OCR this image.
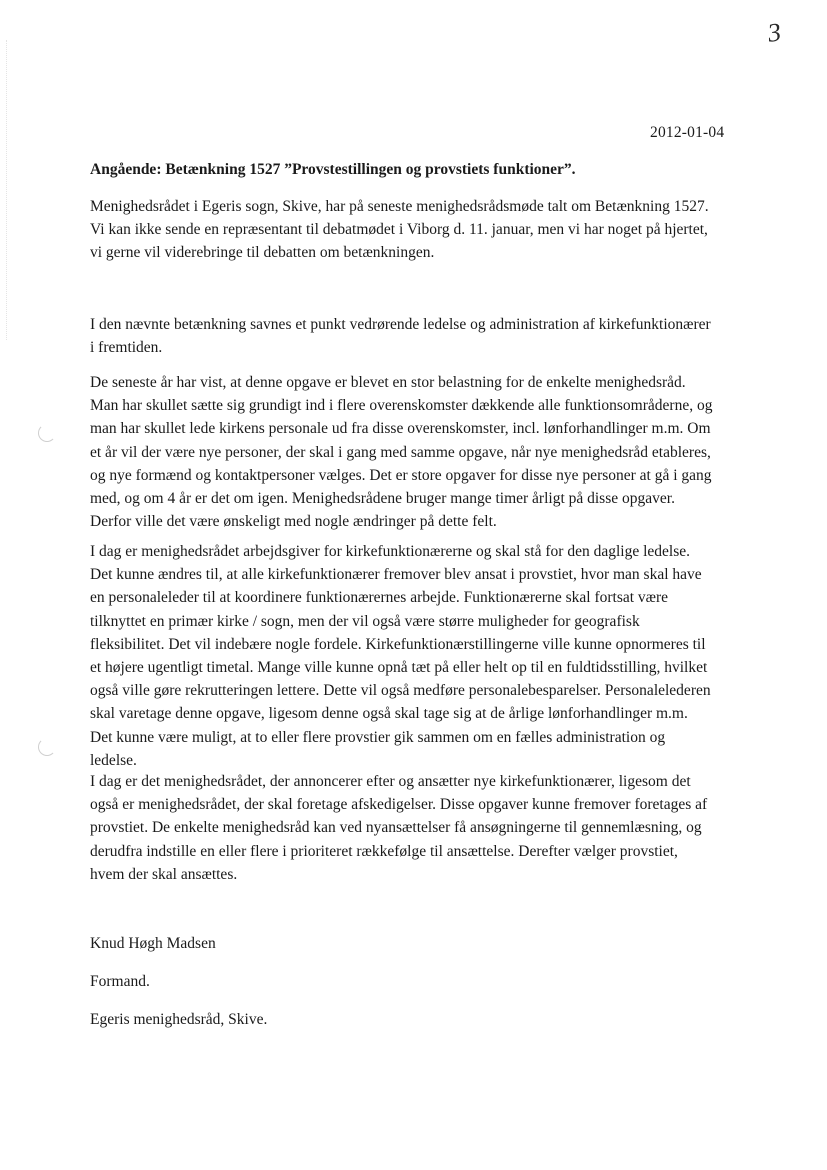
3
2012-01-04
Angående: Betænkning 1527 ”Provstestillingen og provstiets funktioner”.

Menighedsrådet i Egeris sogn, Skive, har på seneste menighedsrådsmøde talt om Betænkning 1527.
Vi kan ikke sende en repræsentant til debatmødet i Viborg d. 11. januar, men vi har noget på hjertet,
vi gerne vil viderebringe til debatten om betænkningen.

I den nævnte betænkning savnes et punkt vedrørende ledelse og administration af kirkefunktionærer
i fremtiden.

De seneste år har vist, at denne opgave er blevet en stor belastning for de enkelte menighedsråd.
Man har skullet sætte sig grundigt ind i flere overenskomster dækkende alle funktionsområderne, og
man har skullet lede kirkens personale ud fra disse overenskomster, incl. lønforhandlinger m.m. Om
et år vil der være nye personer, der skal i gang med samme opgave, når nye menighedsråd etableres,
og nye formænd og kontaktpersoner vælges. Det er store opgaver for disse nye personer at gå i gang
med, og om 4 år er det om igen. Menighedsrådene bruger mange timer årligt på disse opgaver.
Derfor ville det være ønskeligt med nogle ændringer på dette felt.

I dag er menighedsrådet arbejdsgiver for kirkefunktionærerne og skal stå for den daglige ledelse.
Det kunne ændres til, at alle kirkefunktionærer fremover blev ansat i provstiet, hvor man skal have
en personaleleder til at koordinere funktionærernes arbejde. Funktionærerne skal fortsat være
tilknyttet en primær kirke / sogn, men der vil også være større muligheder for geografisk
fleksibilitet. Det vil indebære nogle fordele. Kirkefunktionærstillingerne ville kunne opnormeres til
et højere ugentligt timetal. Mange ville kunne opnå tæt på eller helt op til en fuldtidsstilling, hvilket
også ville gøre rekrutteringen lettere. Dette vil også medføre personalebesparelser. Personalelederen
skal varetage denne opgave, ligesom denne også skal tage sig at de årlige lønforhandlinger m.m.
Det kunne være muligt, at to eller flere provstier gik sammen om en fælles administration og
ledelse.

I dag er det menighedsrådet, der annoncerer efter og ansætter nye kirkefunktionærer, ligesom det
også er menighedsrådet, der skal foretage afskedigelser. Disse opgaver kunne fremover foretages af
provstiet. De enkelte menighedsråd kan ved nyansættelser få ansøgningerne til gennemlæsning, og
derudfra indstille en eller flere i prioriteret rækkefølge til ansættelse. Derefter vælger provstiet,
hvem der skal ansættes.

Knud Høgh Madsen
Formand.
Egeris menighedsråd, Skive.
